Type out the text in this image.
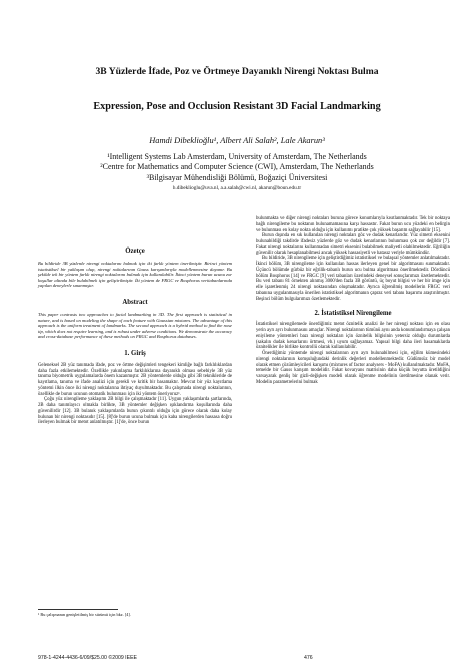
3B Yüzlerde İfade, Poz ve Örtmeye Dayanıklı Nirengi Noktası Bulma
Expression, Pose and Occlusion Resistant 3D Facial Landmarking
Hamdi Dibeklioğlu¹, Albert Ali Salah², Lale Akarun³
¹Intelligent Systems Lab Amsterdam, University of Amsterdam, The Netherlands
²Centre for Mathematics and Computer Science (CWI), Amsterdam, The Netherlands
³Bilgisayar Mühendisliği Bölümü, Boğaziçi Üniversitesi
h.dibeklioglu@uva.nl, a.a.salah@cwi.nl, akarun@boun.edu.tr
Özetçe

Bu bildiride 3B yüzlerde nirengi noktalarını bulmak için iki farklı yöntem önerilmiştir. Birinci yöntem istatistiksel bir yaklaşım olup, nirengi noktalarının Gauss karışımlarıyla modellenmesine dayanır. Bu şekilde tek bir yöntem farklı nirengi noktalarını bulmak için kullanılabilir. İkinci yöntem burun ucunu zor koşullar altında bile bulabilmek için geliştirilmiştir. İki yöntem de FRGC ve Bosphorus veritabanlarında yapılan deneylerle sınanmıştır.

Abstract

This paper contrasts two approaches to facial landmarking in 3D. The first approach is statistical in nature, and is based on modeling the shape of each feature with Gaussian mixtures. The advantage of this approach is the uniform treatment of landmarks. The second approach is a hybrid method to find the nose tip, which does not require learning, and is robust under adverse conditions. We demonstrate the accuracy and cross-database performance of these methods on FRGC and Bosphorus databases.

1. Giriş

Geleneksel 2B yüz tanımada ifade, poz ve örtme değişimleri tengekeri kimliğe bağlı farklılıklardan daha fazla etkilemektedir. Özellikle yakınlaşma farklılıklarına dayanıklı olması sebebiyle 3B yüz tanıma biyometrik uygulamalarda önem kazanmıştır. 2B yöntemlerde olduğu gibi 3B teknikleride de kayıtlama, tanıma ve ifade analizi için gerekli ve kritik bir basamaktır. Mevcut bir yüz kayıtlama yöntemi ilkin önce iki nirengi noktalarına ihtiyaç duyulmaktadır. Bu çalışmada nirengi noktalarının, özellikle de burun ucunun otomatik bulunması için iki yöntem öneriyoruz¹.

Çoğu yüz nirengileme yaklaşımı 2B bilgi ile çalışmaktadır [11]. Uygun yaklaşımlarda şartlarında, 2B daha tanımlayıcı olmakla birlikte, 3B yöntemler değişken ışıklandırma koşullarında daha güvenilirdir [12]. 3B bulanık yaklaşımlarda burun çıkıntılı olduğu için görece olarak daha kolay bulunan bir nirengi noktasıdır [15]. [8]'de burun ucuna bulmak için kaba nirengilerden hassasa doğru ilerleyen bulmak bir metot anlatılmıştır. [1]'de, önce burun

bulunmakta ve diğer nirengi noktaları buruna görece konumlarıyla kısıtlanmaktadır. Tek bir noktaya bağlı nirengileme bu noktanın bulunamamasına karşı hassastır. Fakat burun ucu yüzdeki en belirgin ve bulunması en kolay nokta olduğu için kullanımı pratikte çok yüksek başarım sağlayabilir [15].

Burun dışında en sık kullanılan nirengi noktaları göz ve dudak kenarlarıdır. Yüz simetri eksenini bulunabildiği takdirde ifadesiz yüzlerde göz ve dudak kenarlarının bulunması çok zor değildir [7]. Fakat nirengi noktalarını kullanmadan simetri eksenini bulabilmek maliyetli olabilmektedir. Eğriliğin güvenilir olarak hesaplanabilmesi ancak yüksek hassasiyetli ve hatasız veriyle mümkündür.

Bu bildiride, 3B nirengileme için geliştirdiğimiz istatistiksel ve bulaşsal yöntemler anlatılmaktadır. İkinci bölüm, 3B nirengileme için kullanılan hassas ilerleyen genel bir algoritmasını sunmaktadır. Üçüncü bölümde gürbüz bir eğrilik-tabanlı burun ucu bulma algoritması önerilmektedir. Dördüncü bölüm Bosphorus [14] ve FRGC [9] veri tabanları üzerindeki deneysel sonuçlarımızı özetlemektedir. Bu veri tabanı 81 örnekten alınmış 3000'den fazla 3B görüntü, üç boyut bilgisi ve her bir imge için elle işaretlenmiş 24 nirengi noktasından oluşmaktadır. Ayrıca öğrenilmiş modellerin FRGC veri tabanına uygulanmasıyla önerilen istatistiksel algoritmanın çapraz veri tabanı başarımı araştırılmıştır. Beşinci bölüm bulgularımızı özetlemektedir.

2. İstatistiksel Nirengileme

İstatistiksel nirengilemede önerdiğimiz metot öznitelik analizi ile her nirengi noktası için en olası yerin ayrı ayrı bulunmasını amaçlar. Nirengi noktalarının tümünü aynı anda konumlandırmaya çalışan eniyileme yöntemleri bazı nirengi noktaları için öznitelik bilgisinin yetersiz olduğu durumlarda (sakalın dudak kenarlarını örtmesi, vb.) uyum sağlayamaz. Yapısal bilgi daha ileri basamaklarda öznitelikler ile birlikte kontrollü olarak kullanılabilir.

Önerdiğimiz yöntemde nirengi noktalarının ayrı ayrı bulunabilmesi için, eğilim kümesindeki nirengi noktalarının komşuluğundaki derinlik değerleri modellenmektedir. Güdümsüz bir model olarak etmen çözümleyicileri karışımı (mixtures of factor analysers - MoFA) kullanılmaktadır. MoFA, temelde bir Gauss karışım modelidir. Fakat kovaryans matrisinin daha küçük boyutta üretildiğini varsayarak genliş bir gizli-değişken modeli olarak öğrenme modelinin üretilmesine olanak verir. Modelin parametrelerini bulmak

¹ Bu çalışmanın genişletilmiş bir sürümü için bkz. [4].
978-1-4244-4436-6/09/$25.00 ©2009 IEEE	476
